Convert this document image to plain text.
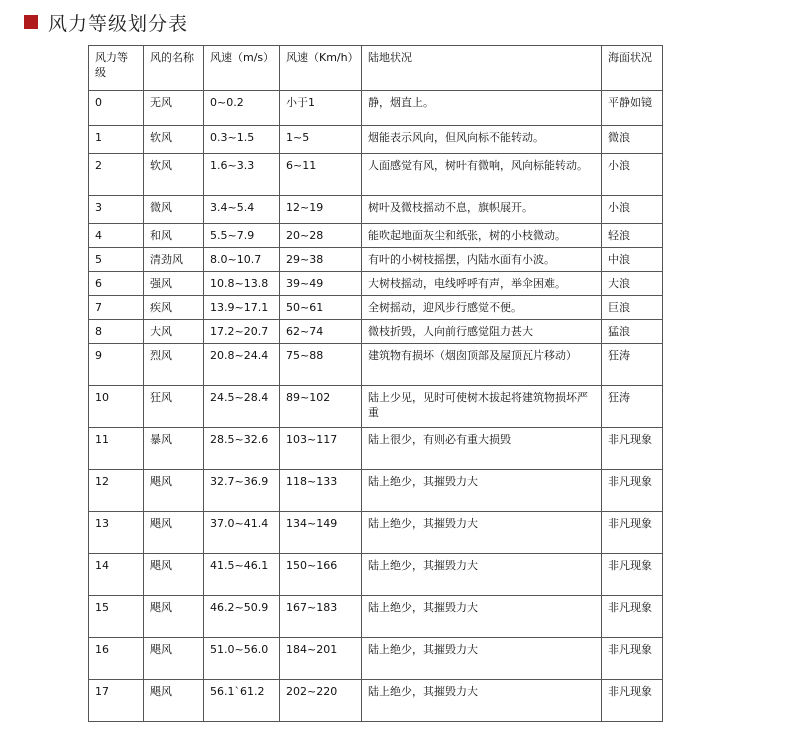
风力等级划分表
风力等级	风的名称	风速（m/s）	风速（Km/h）	陆地状况	海面状况
0	无风	0~0.2	小于1	静，烟直上。	平静如镜
1	软风	0.3~1.5	1~5	烟能表示风向，但风向标不能转动。	微浪
2	软风	1.6~3.3	6~11	人面感觉有风，树叶有微响，风向标能转动。	小浪
3	微风	3.4~5.4	12~19	树叶及微枝摇动不息，旗帜展开。	小浪
4	和风	5.5~7.9	20~28	能吹起地面灰尘和纸张，树的小枝微动。	轻浪
5	清劲风	8.0~10.7	29~38	有叶的小树枝摇摆，内陆水面有小波。	中浪
6	强风	10.8~13.8	39~49	大树枝摇动，电线呼呼有声，举伞困难。	大浪
7	疾风	13.9~17.1	50~61	全树摇动，迎风步行感觉不便。	巨浪
8	大风	17.2~20.7	62~74	微枝折毁，人向前行感觉阻力甚大	猛浪
9	烈风	20.8~24.4	75~88	建筑物有损坏（烟囱顶部及屋顶瓦片移动）	狂涛
10	狂风	24.5~28.4	89~102	陆上少见，见时可使树木拔起将建筑物损坏严重	狂涛
11	暴风	28.5~32.6	103~117	陆上很少，有则必有重大损毁	非凡现象
12	飓风	32.7~36.9	118~133	陆上绝少，其摧毁力大	非凡现象
13	飓风	37.0~41.4	134~149	陆上绝少，其摧毁力大	非凡现象
14	飓风	41.5~46.1	150~166	陆上绝少，其摧毁力大	非凡现象
15	飓风	46.2~50.9	167~183	陆上绝少，其摧毁力大	非凡现象
16	飓风	51.0~56.0	184~201	陆上绝少，其摧毁力大	非凡现象
17	飓风	56.1`61.2	202~220	陆上绝少，其摧毁力大	非凡现象
